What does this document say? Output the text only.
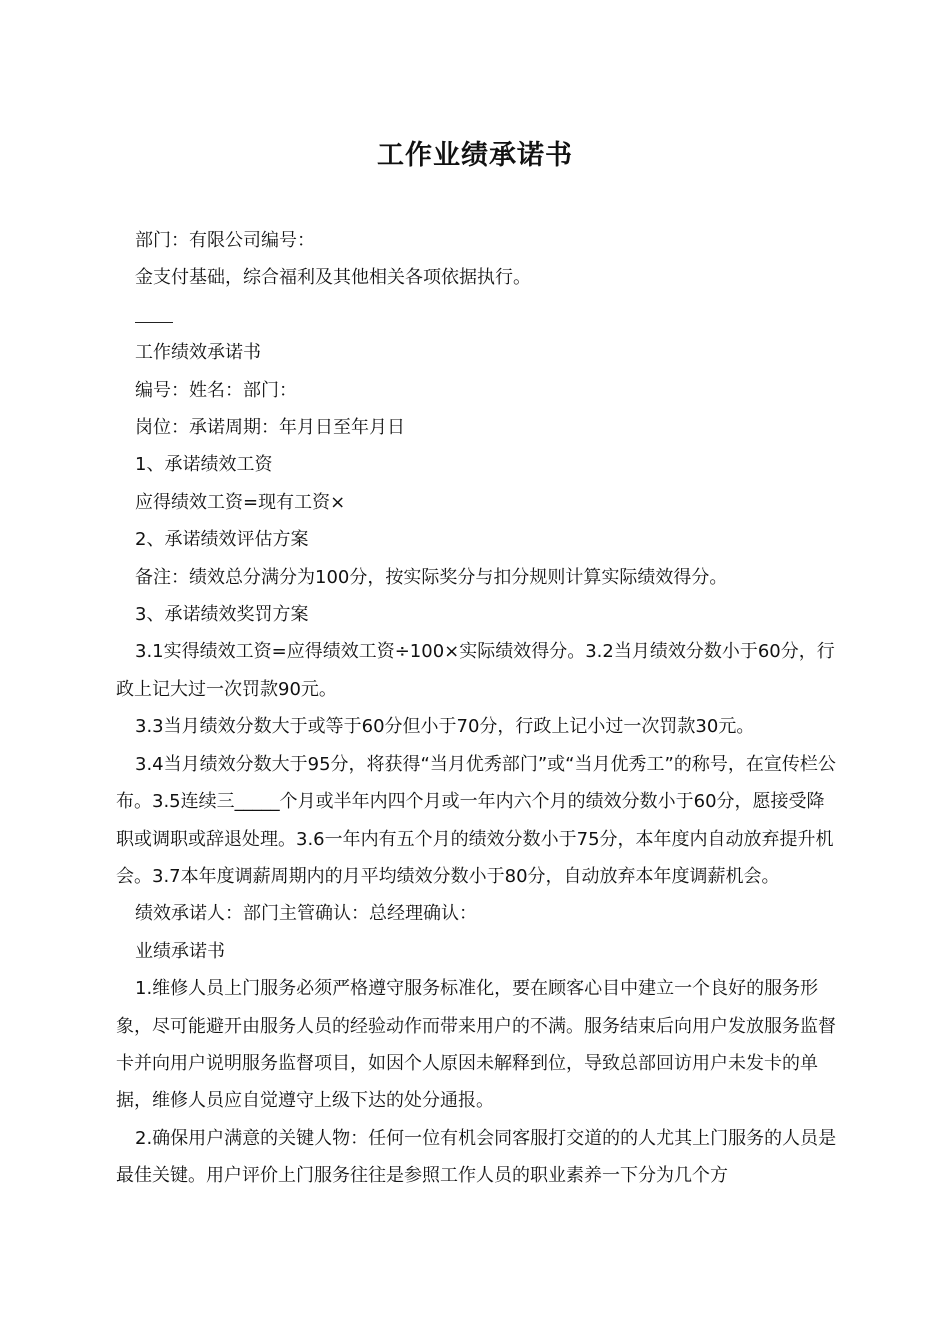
工作业绩承诺书

部门：有限公司编号：

金支付基础，综合福利及其他相关各项依据执行。

工作绩效承诺书

编号：姓名：部门：

岗位：承诺周期：年月日至年月日

1、承诺绩效工资

应得绩效工资=现有工资×

2、承诺绩效评估方案

备注：绩效总分满分为100分，按实际奖分与扣分规则计算实际绩效得分。

3、承诺绩效奖罚方案

3.1实得绩效工资=应得绩效工资÷100×实际绩效得分。3.2当月绩效分数小于60分，行政上记大过一次罚款90元。

3.3当月绩效分数大于或等于60分但小于70分，行政上记小过一次罚款30元。

3.4当月绩效分数大于95分，将获得“当月优秀部门”或“当月优秀工”的称号，在宣传栏公布。3.5连续三_____个月或半年内四个月或一年内六个月的绩效分数小于60分，愿接受降职或调职或辞退处理。3.6一年内有五个月的绩效分数小于75分，本年度内自动放弃提升机会。3.7本年度调薪周期内的月平均绩效分数小于80分，自动放弃本年度调薪机会。

绩效承诺人：部门主管确认：总经理确认：

业绩承诺书

1.维修人员上门服务必须严格遵守服务标准化，要在顾客心目中建立一个良好的服务形象，尽可能避开由服务人员的经验动作而带来用户的不满。服务结束后向用户发放服务监督卡并向用户说明服务监督项目，如因个人原因未解释到位，导致总部回访用户未发卡的单据，维修人员应自觉遵守上级下达的处分通报。

2.确保用户满意的关键人物：任何一位有机会同客服打交道的的人尤其上门服务的人员是最佳关键。用户评价上门服务往往是参照工作人员的职业素养一下分为几个方
